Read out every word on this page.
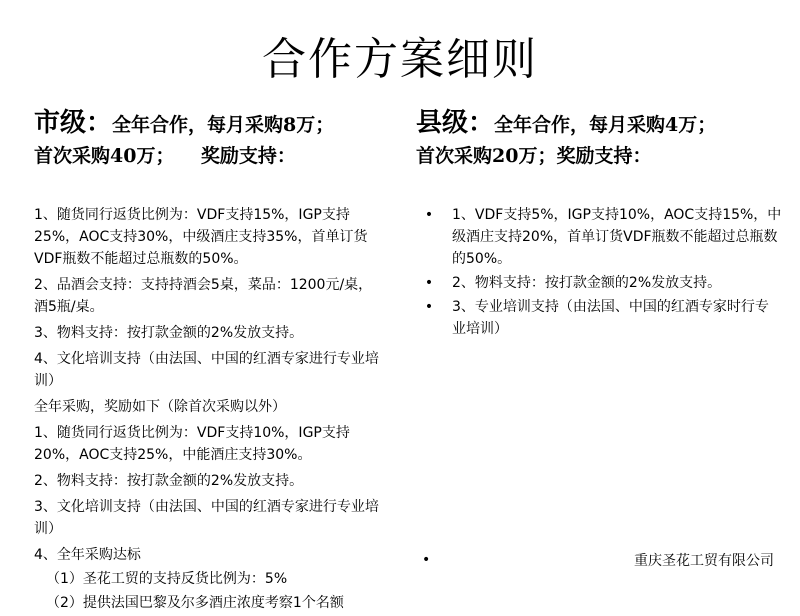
合作方案细则
市级：全年合作，每月采购8万；
首次采购40万；    奖励支持：
县级：全年合作，每月采购4万；
首次采购20万；奖励支持：
1、随货同行返货比例为：VDF支持15%，IGP支持25%，AOC支持30%，中级酒庄支持35%，首单订货VDF瓶数不能超过总瓶数的50%。
2、品酒会支持：支持持酒会5桌，菜品：1200元/桌，酒5瓶/桌。
3、物料支持：按打款金额的2%发放支持。
4、文化培训支持（由法国、中国的红酒专家进行专业培训）
全年采购，奖励如下（除首次采购以外）
1、随货同行返货比例为：VDF支持10%，IGP支持20%，AOC支持25%，中能酒庄支持30%。
2、物料支持：按打款金额的2%发放支持。
3、文化培训支持（由法国、中国的红酒专家进行专业培训）
4、全年采购达标
（1）圣花工贸的支持反货比例为：5%
（2）提供法国巴黎及尔多酒庄浓度考察1个名额
• 1、VDF支持5%，IGP支持10%，AOC支持15%，中级酒庄支持20%，首单订货VDF瓶数不能超过总瓶数的50%。
• 2、物料支持：按打款金额的2%发放支持。
• 3、专业培训支持（由法国、中国的红酒专家时行专业培训）
•	重庆圣花工贸有限公司
